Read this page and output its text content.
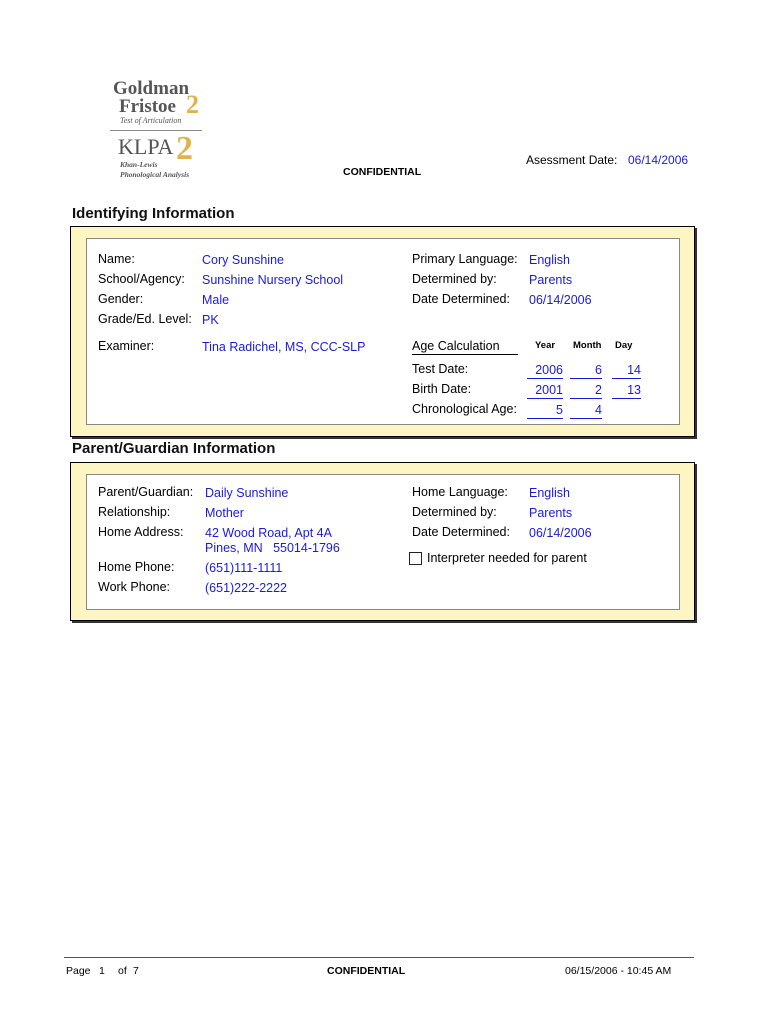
Goldman
Fristoe 2
Test of Articulation
KLPA 2
Khan-Lewis
Phonological Analysis
Asessment Date: 06/14/2006
CONFIDENTIAL
Identifying Information
Name:	Cory Sunshine
School/Agency: Sunshine Nursery School
Gender:	Male
Grade/Ed. Level: PK
Examiner:	Tina Radichel, MS, CCC-SLP
Primary Language: English
Determined by:	Parents
Date Determined: 06/14/2006
Age Calculation	Year Month Day
Test Date:	2006	6	14
Birth Date:	2001	2	13
Chronological Age:	5	4
Parent/Guardian Information
Parent/Guardian: Daily Sunshine
Relationship:	Mother
Home Address: 42 Wood Road, Apt 4A
Pines, MN   55014-1796
Home Phone: (651)111-1111
Work Phone:	(651)222-2222
Home Language: English
Determined by:	Parents
Date Determined: 06/14/2006
Interpreter needed for parent
Page 1 of 7	CONFIDENTIAL	06/15/2006 - 10:45 AM
